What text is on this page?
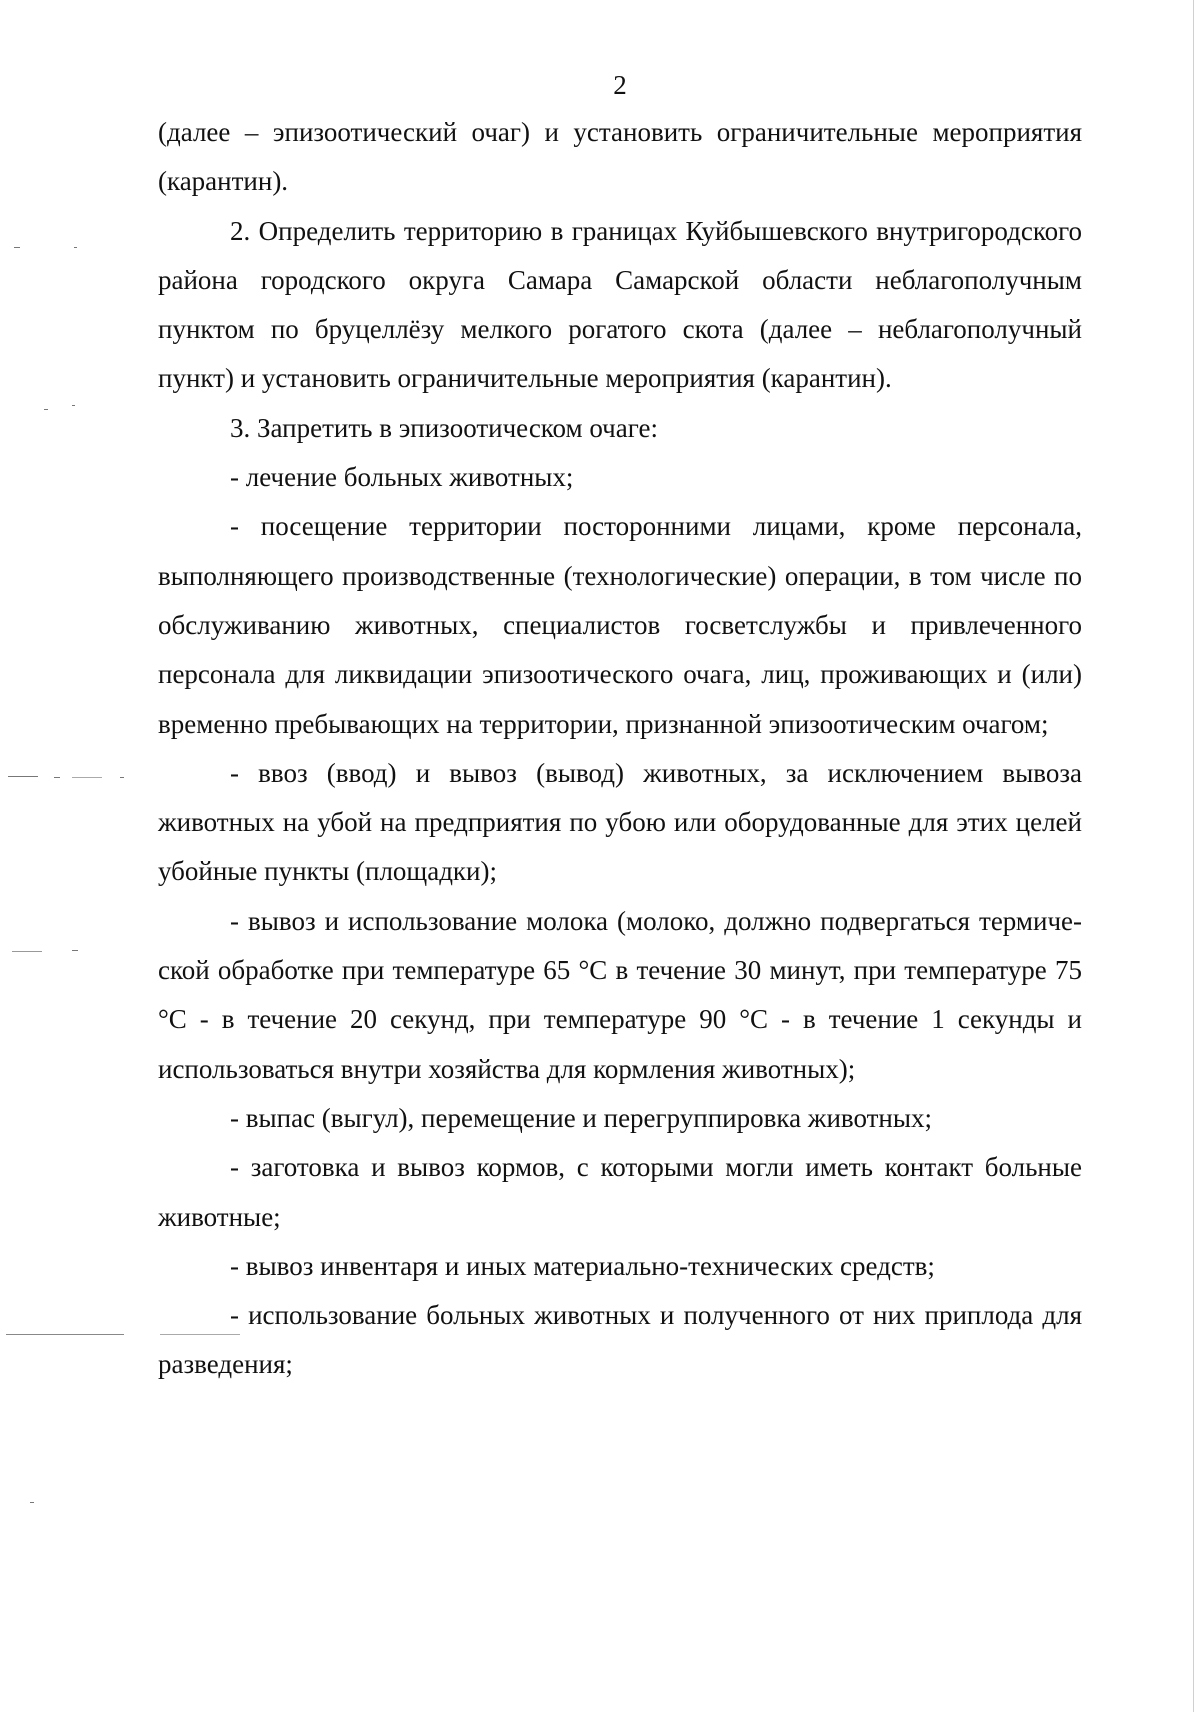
2

(далее – эпизоотический очаг) и установить ограничительные мероприятия (карантин).

2. Определить территорию в границах Куйбышевского внутригородского района городского округа Самара Самарской области неблагополучным пунктом по бруцеллёзу мелкого рогатого скота (далее – неблагополучный пункт) и установить ограничительные мероприятия (карантин).

3. Запретить в эпизоотическом очаге:

- лечение больных животных;

- посещение территории посторонними лицами, кроме персонала, выполняющего производственные (технологические) операции, в том числе по обслуживанию животных, специалистов госветслужбы и привлеченного персонала для ликвидации эпизоотического очага, лиц, проживающих и (или) временно пребывающих на территории, признанной эпизоотическим очагом;

- ввоз (ввод) и вывоз (вывод) животных, за исключением вывоза животных на убой на предприятия по убою или оборудованные для этих целей убойные пункты (площадки);

- вывоз и использование молока (молоко, должно подвергаться термиче-ской обработке при температуре 65 °С в течение 30 минут, при температуре 75 °С - в течение 20 секунд, при температуре 90 °С - в течение 1 секунды и использоваться внутри хозяйства для кормления животных);

- выпас (выгул), перемещение и перегруппировка животных;

- заготовка и вывоз кормов, с которыми могли иметь контакт больные животные;

- вывоз инвентаря и иных материально-технических средств;

- использование больных животных и полученного от них приплода для разведения;
